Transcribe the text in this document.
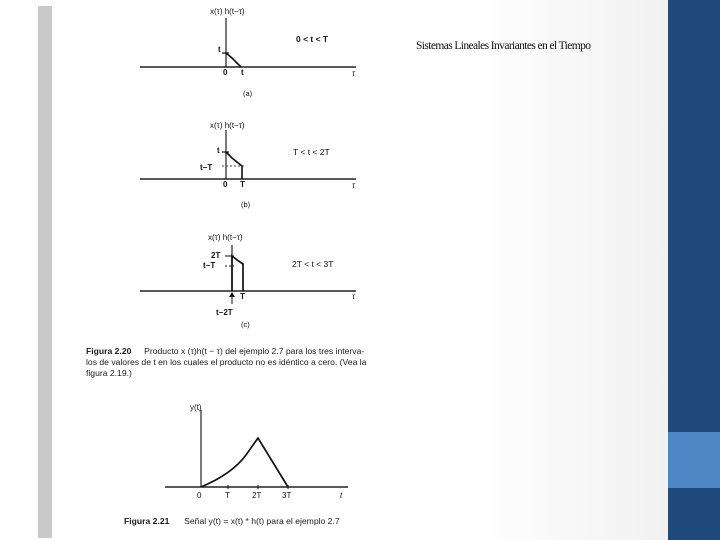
Sistemas Lineales Invariantes en el Tiempo
x(τ) h(t−τ)
0 < t < T
t
0 t	τ
(a)
x(τ) h(t−τ)
T < t < 2T
t
t−T
0 T	τ
(b)
x(τ) h(t−τ)
2T < t < 3T
2T
t−T
T
t−2T
τ
(c)
y(t)
0	T	2T	3T	t
Figura 2.20 Producto x (τ)h(t − τ) del ejemplo 2.7 para los tres interva-
los de valores de t en los cuales el producto no es idéntico a cero. (Vea la
figura 2.19.)
Figura 2.21 Señal y(t) = x(t) * h(t) para el ejemplo 2.7
